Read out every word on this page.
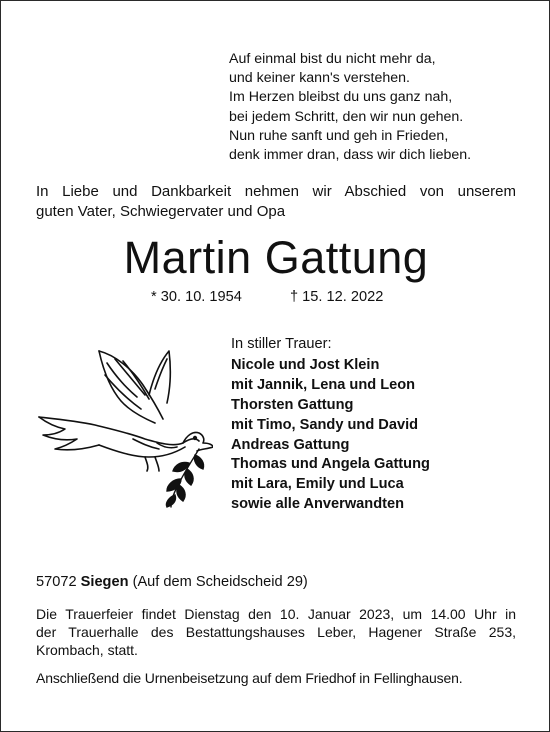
Auf einmal bist du nicht mehr da,
und keiner kann's verstehen.
Im Herzen bleibst du uns ganz nah,
bei jedem Schritt, den wir nun gehen.
Nun ruhe sanft und geh in Frieden,
denk immer dran, dass wir dich lieben.
In Liebe und Dankbarkeit nehmen wir Abschied von unserem
guten Vater, Schwiegervater und Opa
Martin Gattung
* 30. 10. 1954	† 15. 12. 2022
In stiller Trauer:
Nicole und Jost Klein
mit Jannik, Lena und Leon
Thorsten Gattung
mit Timo, Sandy und David
Andreas Gattung
Thomas und Angela Gattung
mit Lara, Emily und Luca
sowie alle Anverwandten
57072 Siegen (Auf dem Scheidscheid 29)
Die Trauerfeier findet Dienstag den 10. Januar 2023, um 14.00 Uhr in
der Trauerhalle des Bestattungshauses Leber, Hagener Straße 253,
Krombach, statt.
Anschließend die Urnenbeisetzung auf dem Friedhof in Fellinghausen.
